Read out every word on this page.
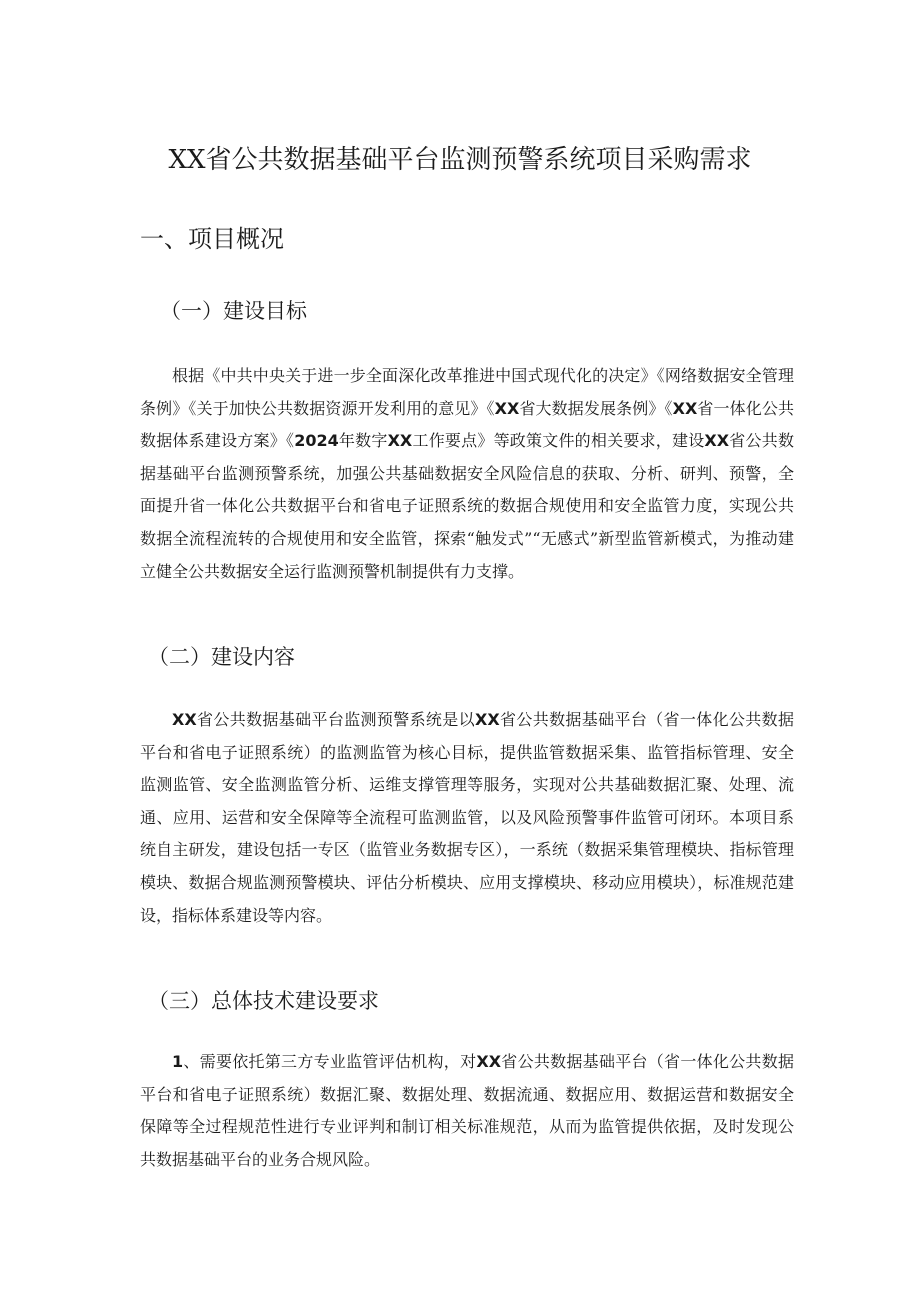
XX省公共数据基础平台监测预警系统项目采购需求
一、项目概况
（一）建设目标

根据《中共中央关于进一步全面深化改革推进中国式现代化的决定》《网络数据安全管理条例》《关于加快公共数据资源开发利用的意见》《XX省大数据发展条例》《XX省一体化公共数据体系建设方案》《2024年数字XX工作要点》等政策文件的相关要求，建设XX省公共数据基础平台监测预警系统，加强公共基础数据安全风险信息的获取、分析、研判、预警，全面提升省一体化公共数据平台和省电子证照系统的数据合规使用和安全监管力度，实现公共数据全流程流转的合规使用和安全监管，探索“触发式”“无感式”新型监管新模式，为推动建立健全公共数据安全运行监测预警机制提供有力支撑。

（二）建设内容

XX省公共数据基础平台监测预警系统是以XX省公共数据基础平台（省一体化公共数据平台和省电子证照系统）的监测监管为核心目标，提供监管数据采集、监管指标管理、安全监测监管、安全监测监管分析、运维支撑管理等服务，实现对公共基础数据汇聚、处理、流通、应用、运营和安全保障等全流程可监测监管，以及风险预警事件监管可闭环。本项目系统自主研发，建设包括一专区（监管业务数据专区），一系统（数据采集管理模块、指标管理模块、数据合规监测预警模块、评估分析模块、应用支撑模块、移动应用模块），标准规范建设，指标体系建设等内容。

（三）总体技术建设要求

1、需要依托第三方专业监管评估机构，对XX省公共数据基础平台（省一体化公共数据平台和省电子证照系统）数据汇聚、数据处理、数据流通、数据应用、数据运营和数据安全保障等全过程规范性进行专业评判和制订相关标准规范，从而为监管提供依据，及时发现公共数据基础平台的业务合规风险。
